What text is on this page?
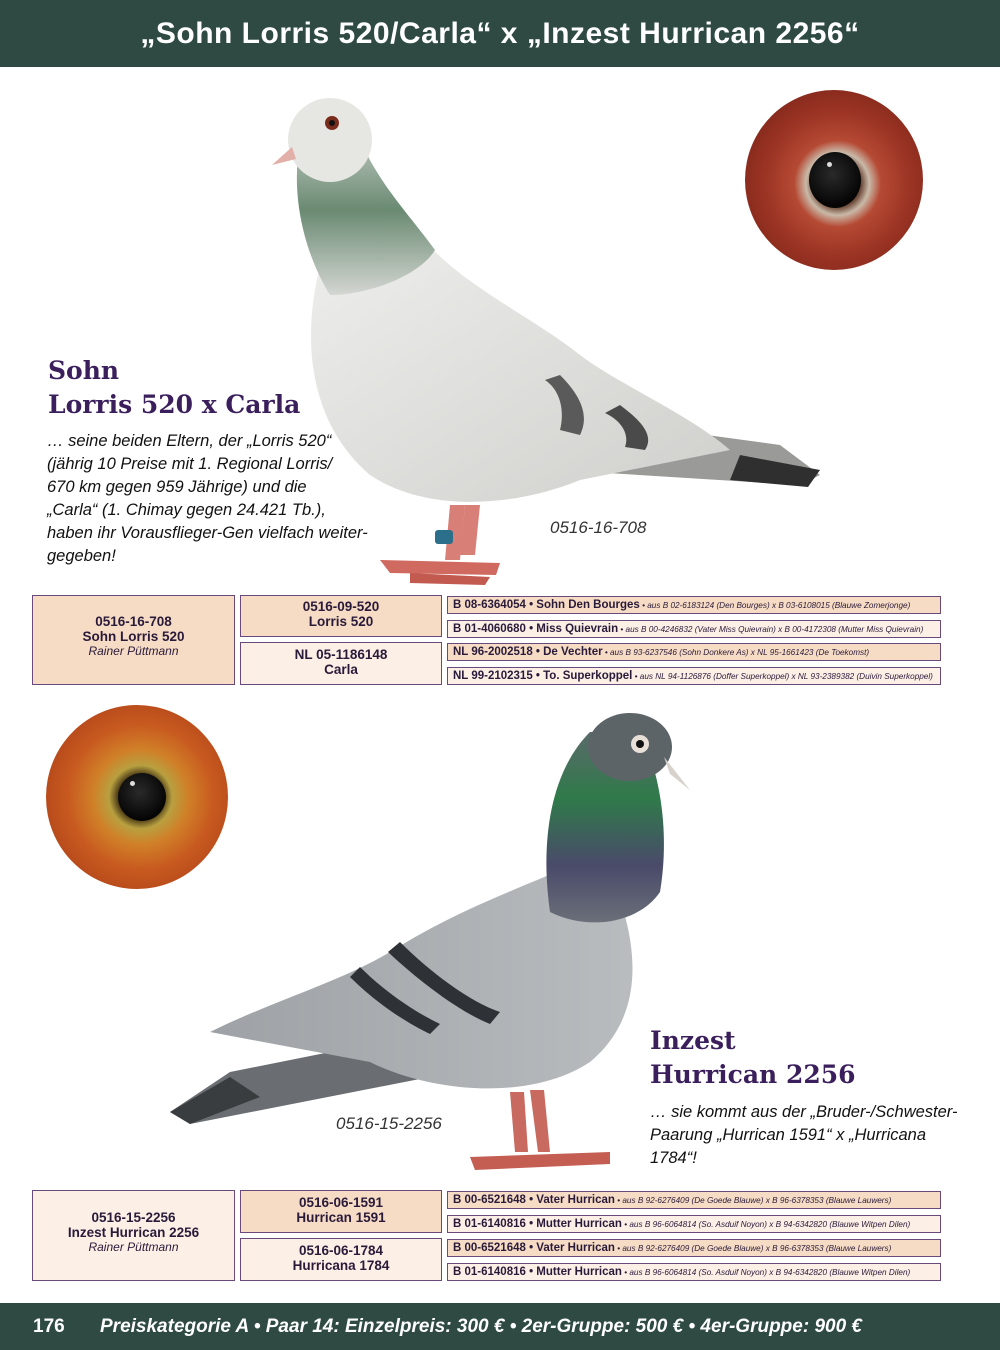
„Sohn Lorris 520/Carla“ x „Inzest Hurrican 2256“
Sohn
Lorris 520 x Carla
… seine beiden Eltern, der „Lorris 520“
(jährig 10 Preise mit 1. Regional Lorris/
670 km gegen 959 Jährige) und die
„Carla“ (1. Chimay gegen 24.421 Tb.),
haben ihr Vorausflieger-Gen vielfach weiter-
gegeben!
0516-16-708
0516-16-708
Sohn Lorris 520
Rainer Püttmann
0516-09-520
Lorris 520
NL 05-1186148
Carla
B 08-6364054 • Sohn Den Bourges • aus B 02-6183124 (Den Bourges) x B 03-6108015 (Blauwe Zomerjonge)
B 01-4060680 • Miss Quievrain • aus B 00-4246832 (Vater Miss Quievrain) x B 00-4172308 (Mutter Miss Quievrain)
NL 96-2002518 • De Vechter • aus B 93-6237546 (Sohn Donkere As) x NL 95-1661423 (De Toekomst)
NL 99-2102315 • To. Superkoppel • aus NL 94-1126876 (Doffer Superkoppel) x NL 93-2389382 (Duivin Superkoppel)
Inzest
Hurrican 2256
… sie kommt aus der „Bruder-/Schwester-
Paarung „Hurrican 1591“ x „Hurricana
1784“!
0516-15-2256
0516-15-2256
Inzest Hurrican 2256
Rainer Püttmann
0516-06-1591
Hurrican 1591
0516-06-1784
Hurricana 1784
B 00-6521648 • Vater Hurrican • aus B 92-6276409 (De Goede Blauwe) x B 96-6378353 (Blauwe Lauwers)
B 01-6140816 • Mutter Hurrican • aus B 96-6064814 (So. Asduif Noyon) x B 94-6342820 (Blauwe Witpen Dilen)
B 00-6521648 • Vater Hurrican • aus B 92-6276409 (De Goede Blauwe) x B 96-6378353 (Blauwe Lauwers)
B 01-6140816 • Mutter Hurrican • aus B 96-6064814 (So. Asduif Noyon) x B 94-6342820 (Blauwe Witpen Dilen)
176 Preiskategorie A • Paar 14: Einzelpreis: 300 € • 2er-Gruppe: 500 € • 4er-Gruppe: 900 €
